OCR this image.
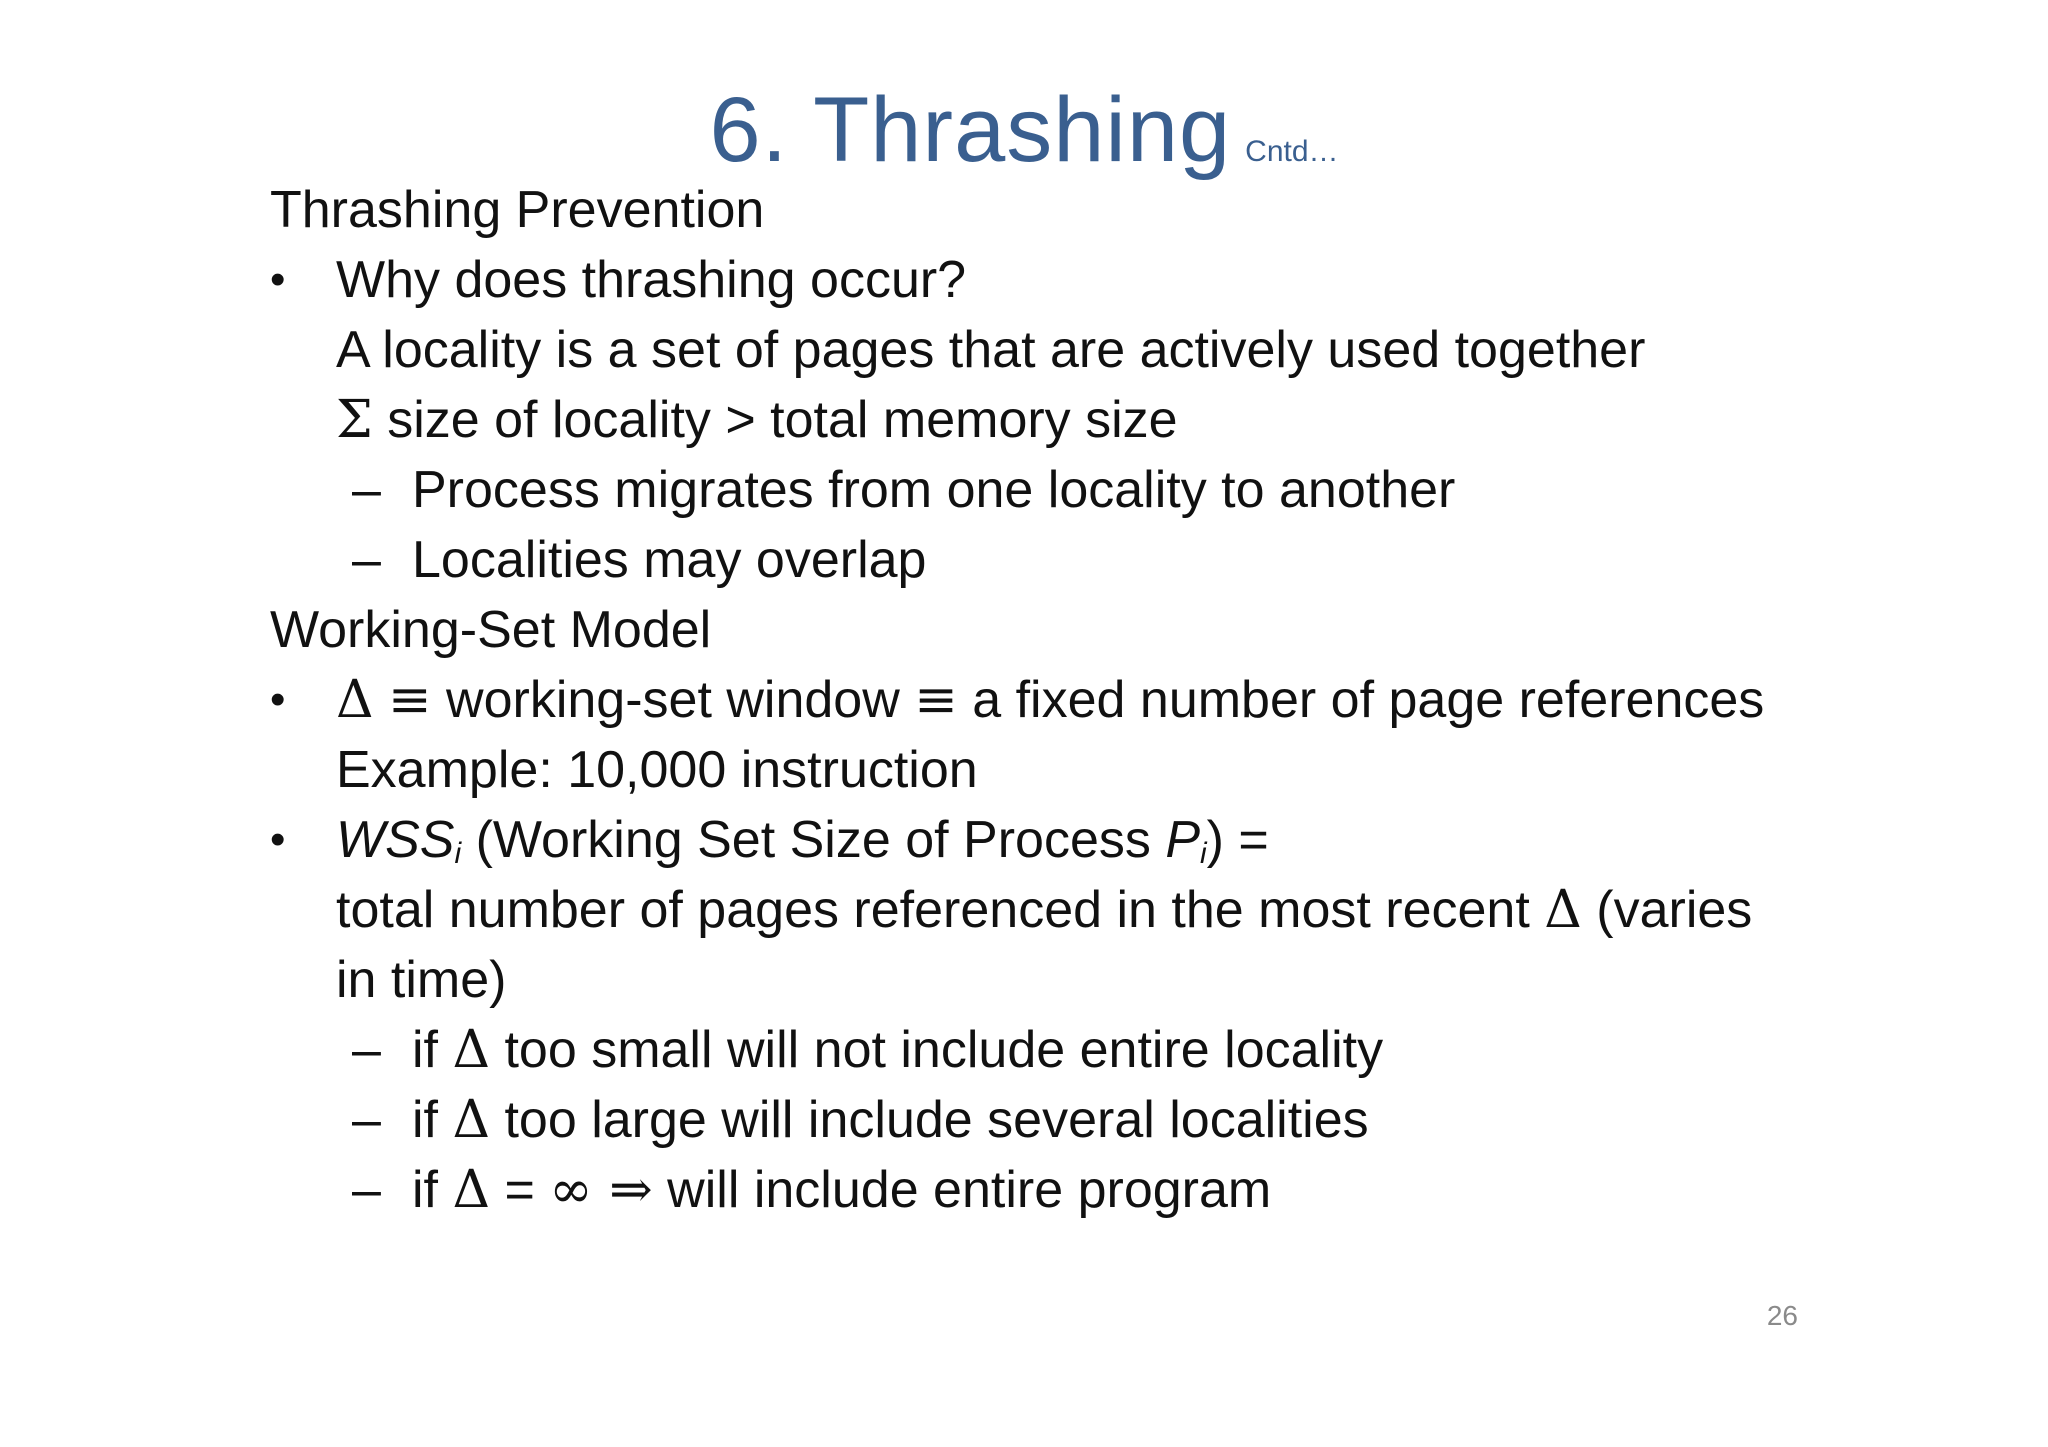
6. Thrashing Cntd…
Thrashing Prevention
• Why does thrashing occur?
A locality is a set of pages that are actively used together
Σ size of locality > total memory size
– Process migrates from one locality to another
– Localities may overlap
Working-Set Model
• Δ ≡ working-set window ≡ a fixed number of page references
Example: 10,000 instruction
• $WSS_i$ (Working Set Size of Process $P_i$) =
total number of pages referenced in the most recent Δ (varies
in time)
– if Δ too small will not include entire locality
– if Δ too large will include several localities
– if Δ = ∞ ⇒ will include entire program
26
